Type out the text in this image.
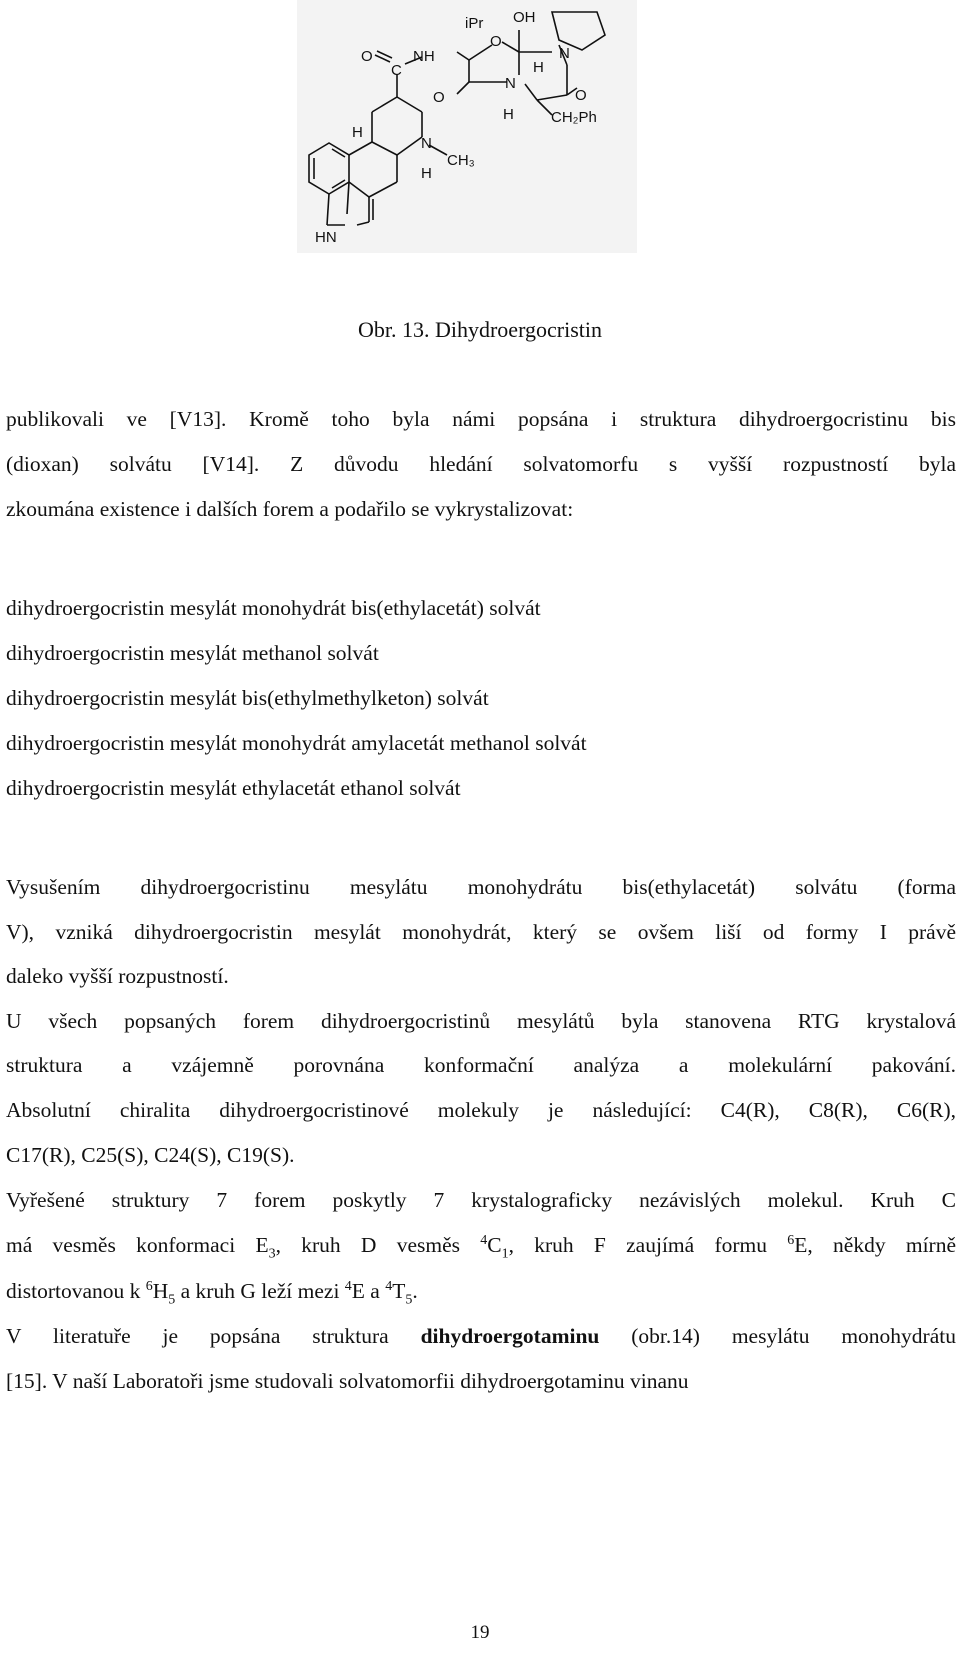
iPr OH
O
N
O
C
NH
O
N
H
O
H CH₂Ph
H
N
CH₃
H
HN
Obr. 13. Dihydroergocristin
publikovali ve [V13]. Kromě toho byla námi popsána i struktura dihydroergocristinu bis
(dioxan) solvátu [V14]. Z důvodu hledání solvatomorfu s vyšší rozpustností byla
zkoumána existence i dalších forem a podařilo se vykrystalizovat:
dihydroergocristin mesylát monohydrát bis(ethylacetát) solvát
dihydroergocristin mesylát methanol solvát
dihydroergocristin mesylát bis(ethylmethylketon) solvát
dihydroergocristin mesylát monohydrát amylacetát methanol solvát
dihydroergocristin mesylát ethylacetát ethanol solvát
Vysušením dihydroergocristinu mesylátu monohydrátu bis(ethylacetát) solvátu (forma
V), vzniká dihydroergocristin mesylát monohydrát, který se ovšem liší od formy I právě
daleko vyšší rozpustností.
U všech popsaných forem dihydroergocristinů mesylátů byla stanovena RTG krystalová
struktura a vzájemně porovnána konformační analýza a molekulární pakování.
Absolutní chiralita dihydroergocristinové molekuly je následující: C4(R), C8(R), C6(R),
C17(R), C25(S), C24(S), C19(S).
Vyřešené struktury 7 forem poskytly 7 krystalograficky nezávislých molekul. Kruh C
má vesměs konformaci $E_3$, kruh D vesměs $^4C_1$, kruh F zaujímá formu $^6$E, někdy mírně
distortovanou k $^6H_5$ a kruh G leží mezi $^4$E a $^4T_5$.
V literatuře je popsána struktura dihydroergotaminu (obr.14) mesylátu monohydrátu
[15]. V naší Laboratoři jsme studovali solvatomorfii dihydroergotaminu vinanu
19
